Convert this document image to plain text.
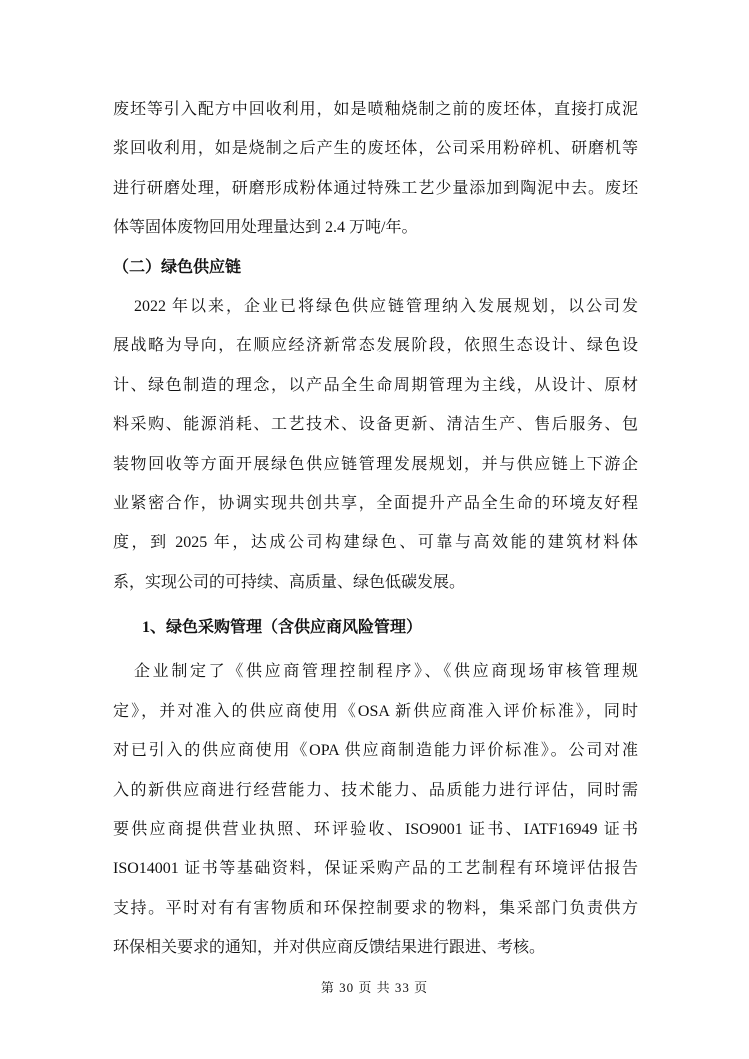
废坯等引入配方中回收利用，如是喷釉烧制之前的废坯体，直接打成泥
浆回收利用，如是烧制之后产生的废坯体，公司采用粉碎机、研磨机等
进行研磨处理，研磨形成粉体通过特殊工艺少量添加到陶泥中去。废坯
体等固体废物回用处理量达到 2.4 万吨/年。
（二）绿色供应链
2022 年以来，企业已将绿色供应链管理纳入发展规划，以公司发
展战略为导向，在顺应经济新常态发展阶段，依照生态设计、绿色设
计、绿色制造的理念，以产品全生命周期管理为主线，从设计、原材
料采购、能源消耗、工艺技术、设备更新、清洁生产、售后服务、包
装物回收等方面开展绿色供应链管理发展规划，并与供应链上下游企
业紧密合作，协调实现共创共享，全面提升产品全生命的环境友好程
度，到 2025 年，达成公司构建绿色、可靠与高效能的建筑材料体
系，实现公司的可持续、高质量、绿色低碳发展。
1、绿色采购管理（含供应商风险管理）
企业制定了《供应商管理控制程序》、《供应商现场审核管理规
定》，并对准入的供应商使用《OSA 新供应商准入评价标准》，同时
对已引入的供应商使用《OPA 供应商制造能力评价标准》。公司对准
入的新供应商进行经营能力、技术能力、品质能力进行评估，同时需
要供应商提供营业执照、环评验收、ISO9001 证书、IATF16949 证书
ISO14001 证书等基础资料，保证采购产品的工艺制程有环境评估报告
支持。平时对有有害物质和环保控制要求的物料，集采部门负责供方
环保相关要求的通知，并对供应商反馈结果进行跟进、考核。
第 30 页 共 33 页
